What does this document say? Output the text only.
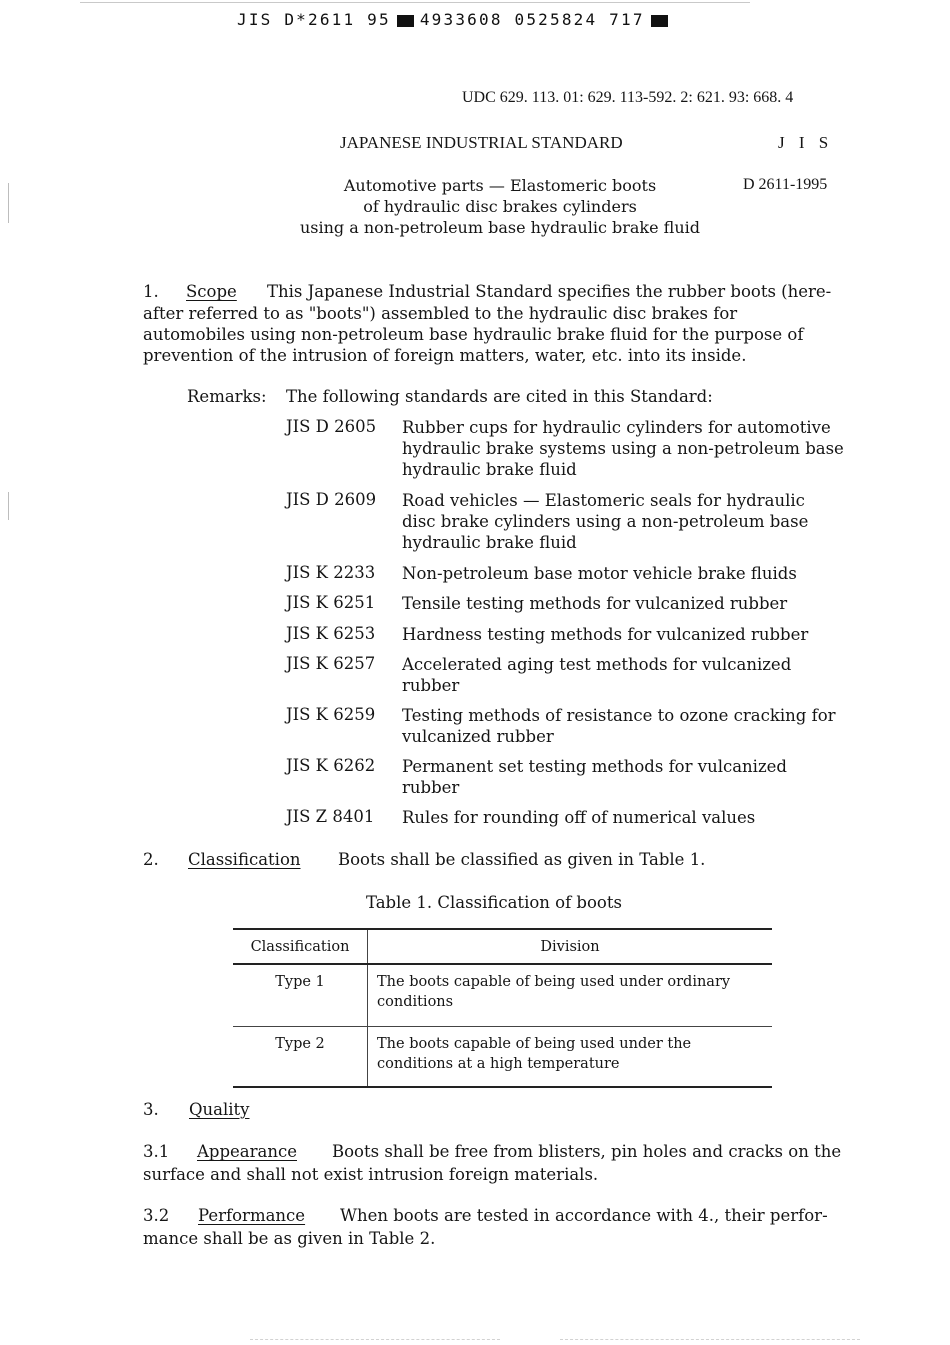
JIS D*2611 95 4933608 0525824 717
UDC 629. 113. 01: 629. 113-592. 2: 621. 93: 668. 4
JAPANESE INDUSTRIAL STANDARD	J I S
D 2611-1995
Automotive parts — Elastomeric boots
of hydraulic disc brakes cylinders
using a non-petroleum base hydraulic brake fluid
1. Scope This Japanese Industrial Standard specifies the rubber boots (here-
after referred to as "boots") assembled to the hydraulic disc brakes for
automobiles using non-petroleum base hydraulic brake fluid for the purpose of
prevention of the intrusion of foreign matters, water, etc. into its inside.
Remarks: The following standards are cited in this Standard:
JIS D 2605 Rubber cups for hydraulic cylinders for automotive
hydraulic brake systems using a non-petroleum base
hydraulic brake fluid
JIS D 2609 Road vehicles — Elastomeric seals for hydraulic
disc brake cylinders using a non-petroleum base
hydraulic brake fluid
JIS K 2233 Non-petroleum base motor vehicle brake fluids
JIS K 6251 Tensile testing methods for vulcanized rubber
JIS K 6253 Hardness testing methods for vulcanized rubber
JIS K 6257 Accelerated aging test methods for vulcanized
rubber
JIS K 6259 Testing methods of resistance to ozone cracking for
vulcanized rubber
JIS K 6262 Permanent set testing methods for vulcanized
rubber
JIS Z 8401 Rules for rounding off of numerical values
2. Classification Boots shall be classified as given in Table 1.
Table 1. Classification of boots
Classification	Division
Type 1	The boots capable of being used under ordinary
conditions

Type 2	The boots capable of being used under the
conditions at a high temperature
3. Quality
3.1 Appearance Boots shall be free from blisters, pin holes and cracks on the
surface and shall not exist intrusion foreign materials.
3.2 Performance When boots are tested in accordance with 4., their perfor-
mance shall be as given in Table 2.
